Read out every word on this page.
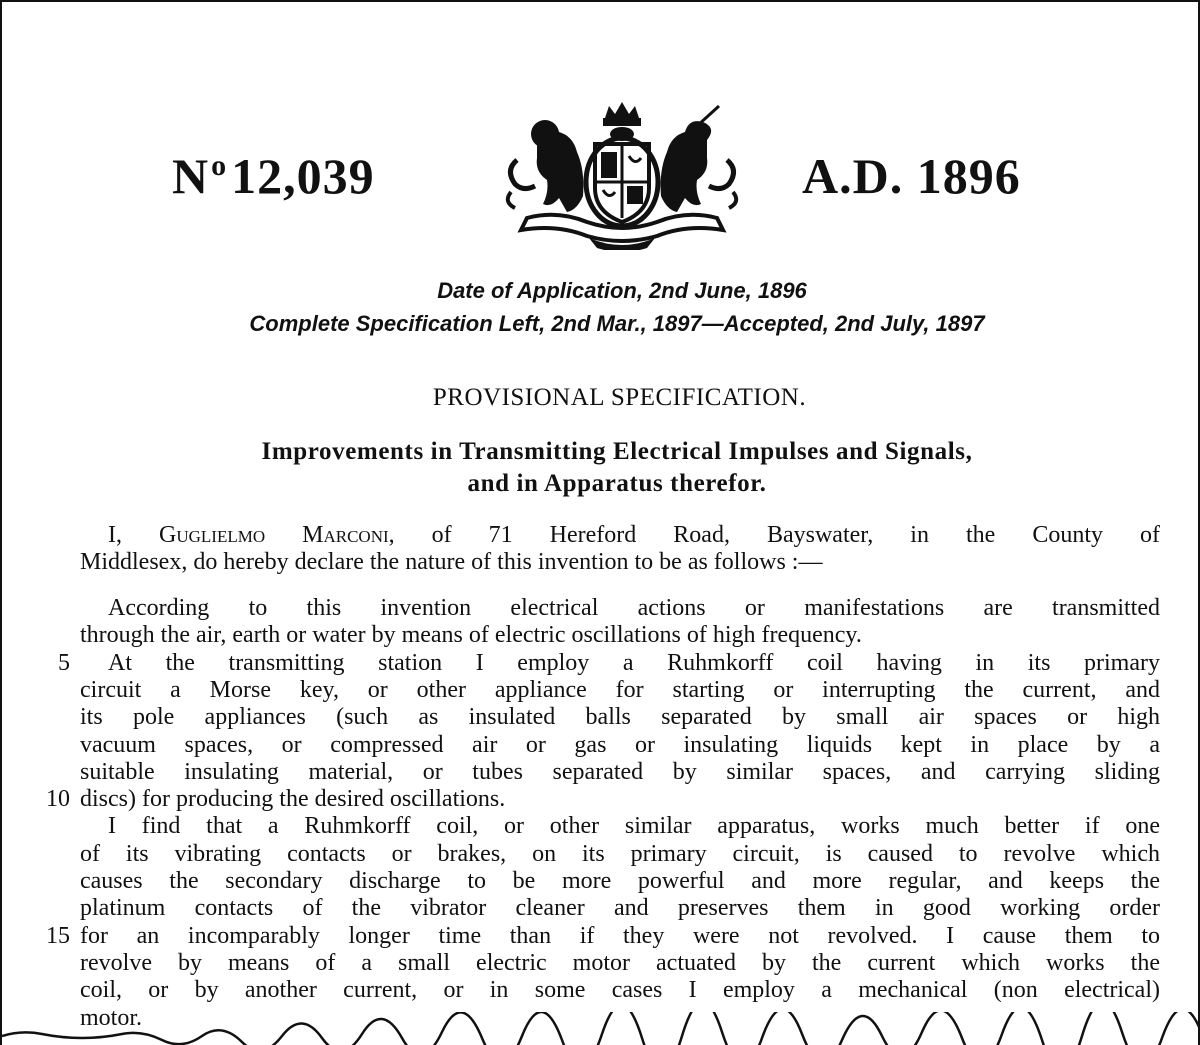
$N^o12,039$	A.D. 1896
Date of Application, 2nd June, 1896
Complete Specification Left, 2nd Mar., 1897—Accepted, 2nd July, 1897
PROVISIONAL SPECIFICATION.
Improvements in Transmitting Electrical Impulses and Signals,
and in Apparatus therefor.
I, Guglielmo Marconi, of 71 Hereford Road, Bayswater, in the County of
Middlesex, do hereby declare the nature of this invention to be as follows :—
According to this invention electrical actions or manifestations are transmitted
through the air, earth or water by means of electric oscillations of high frequency.
5	At the transmitting station I employ a Ruhmkorff coil having in its primary
circuit a Morse key, or other appliance for starting or interrupting the current, and
its pole appliances (such as insulated balls separated by small air spaces or high
vacuum spaces, or compressed air or gas or insulating liquids kept in place by a
suitable insulating material, or tubes separated by similar spaces, and carrying sliding
10 discs) for producing the desired oscillations.
I find that a Ruhmkorff coil, or other similar apparatus, works much better if one
of its vibrating contacts or brakes, on its primary circuit, is caused to revolve which
causes the secondary discharge to be more powerful and more regular, and keeps the
platinum contacts of the vibrator cleaner and preserves them in good working order
15 for an incomparably longer time than if they were not revolved. I cause them to
revolve by means of a small electric motor actuated by the current which works the
coil, or by another current, or in some cases I employ a mechanical (non electrical)
motor.
